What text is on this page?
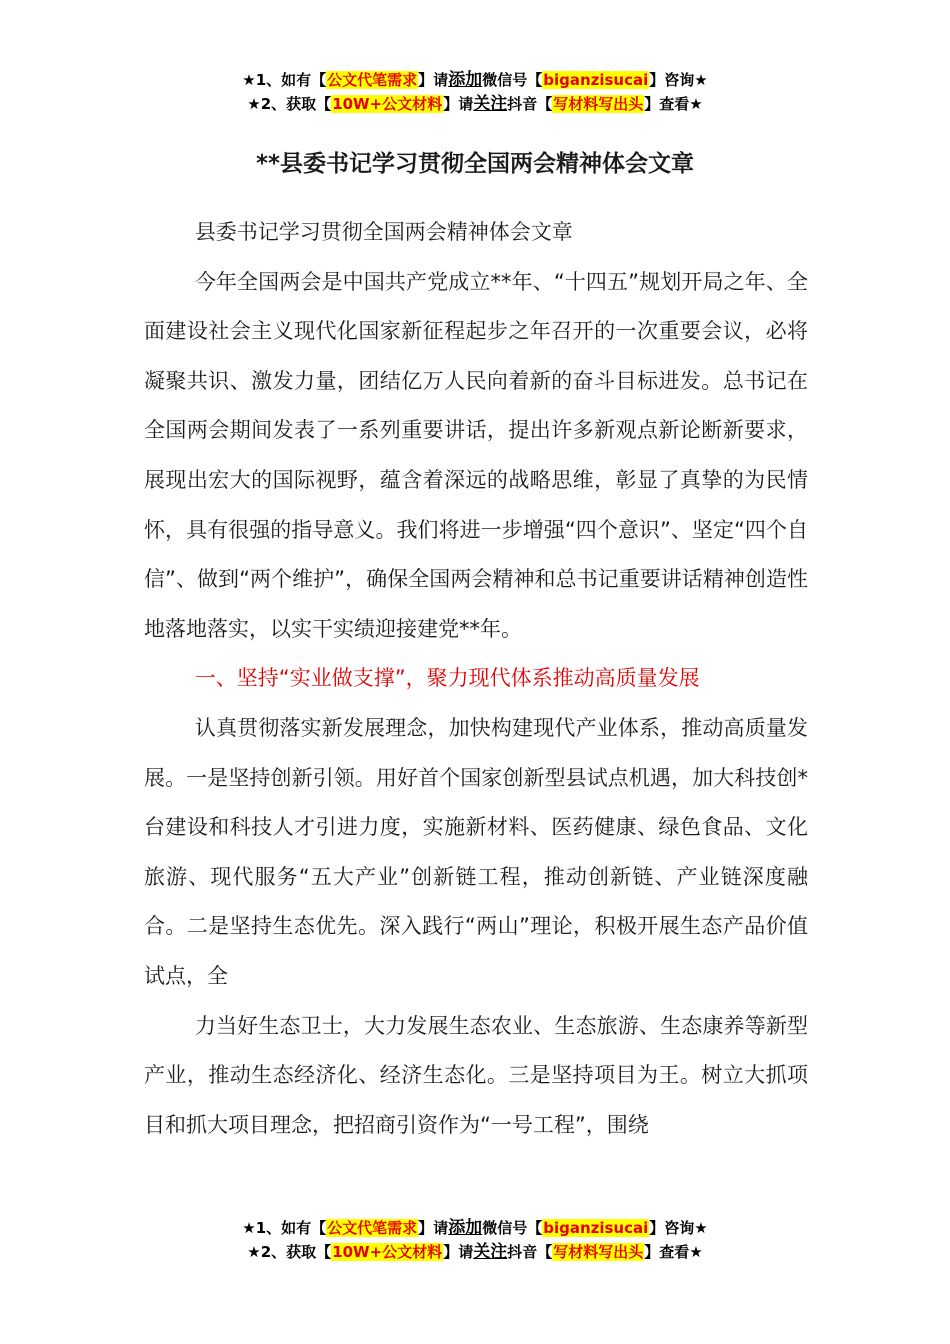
★1、如有【公文代笔需求】请添加微信号【biganzisucai】咨询★
★2、获取【10W+公文材料】请关注抖音【写材料写出头】查看★
**县委书记学习贯彻全国两会精神体会文章

县委书记学习贯彻全国两会精神体会文章

今年全国两会是中国共产党成立**年、“十四五”规划开局之年、全面建设社会主义现代化国家新征程起步之年召开的一次重要会议，必将凝聚共识、激发力量，团结亿万人民向着新的奋斗目标进发。总书记在全国两会期间发表了一系列重要讲话，提出许多新观点新论断新要求，展现出宏大的国际视野，蕴含着深远的战略思维，彰显了真挚的为民情怀，具有很强的指导意义。我们将进一步增强“四个意识”、坚定“四个自信”、做到“两个维护”，确保全国两会精神和总书记重要讲话精神创造性地落地落实，以实干实绩迎接建党**年。

一、坚持“实业做支撑”，聚力现代体系推动高质量发展

认真贯彻落实新发展理念，加快构建现代产业体系，推动高质量发展。一是坚持创新引领。用好首个国家创新型县试点机遇，加大科技创*台建设和科技人才引进力度，实施新材料、医药健康、绿色食品、文化旅游、现代服务“五大产业”创新链工程，推动创新链、产业链深度融合。二是坚持生态优先。深入践行“两山”理论，积极开展生态产品价值试点，全

力当好生态卫士，大力发展生态农业、生态旅游、生态康养等新型产业，推动生态经济化、经济生态化。三是坚持项目为王。树立大抓项目和抓大项目理念，把招商引资作为“一号工程”，围绕

★1、如有【公文代笔需求】请添加微信号【biganzisucai】咨询★
★2、获取【10W+公文材料】请关注抖音【写材料写出头】查看★
